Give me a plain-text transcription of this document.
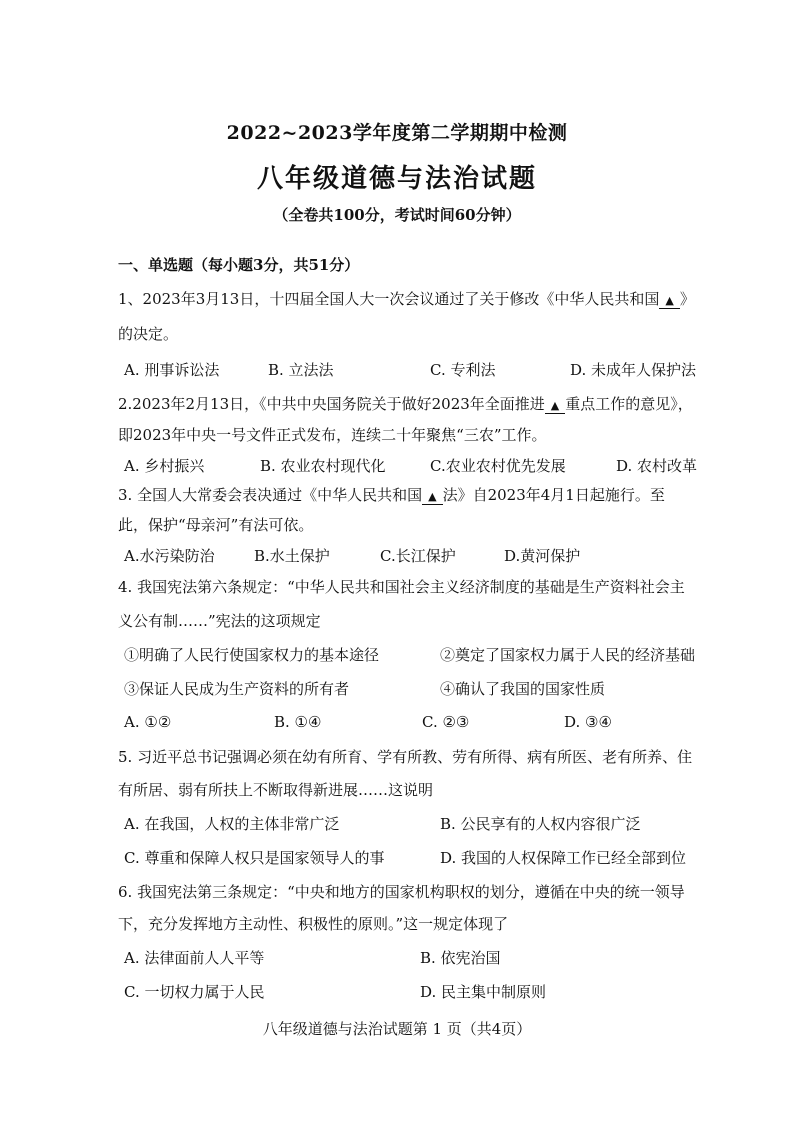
2022~2023学年度第二学期期中检测
八年级道德与法治试题
（全卷共100分，考试时间60分钟）
一、单选题（每小题3分，共51分）
1、2023年3月13日，十四届全国人大一次会议通过了关于修改《中华人民共和国 ▲ 》
的决定。
A. 刑事诉讼法	B. 立法法	C. 专利法	D. 未成年人保护法
2.2023年2月13日，《中共中央国务院关于做好2023年全面推进 ▲ 重点工作的意见》，
即2023年中央一号文件正式发布，连续二十年聚焦“三农”工作。
A. 乡村振兴	B. 农业农村现代化	C.农业农村优先发展	D. 农村改革
3. 全国人大常委会表决通过《中华人民共和国 ▲ 法》自2023年4月1日起施行。至
此，保护“母亲河”有法可依。
A.水污染防治	B.水土保护	C.长江保护	D.黄河保护
4. 我国宪法第六条规定：“中华人民共和国社会主义经济制度的基础是生产资料社会主
义公有制……”宪法的这项规定
①明确了人民行使国家权力的基本途径	②奠定了国家权力属于人民的经济基础
③保证人民成为生产资料的所有者	④确认了我国的国家性质
A. ①②	B. ①④	C. ②③	D. ③④
5. 习近平总书记强调必须在幼有所育、学有所教、劳有所得、病有所医、老有所养、住
有所居、弱有所扶上不断取得新进展……这说明
A. 在我国，人权的主体非常广泛	B. 公民享有的人权内容很广泛
C. 尊重和保障人权只是国家领导人的事	D. 我国的人权保障工作已经全部到位
6. 我国宪法第三条规定：“中央和地方的国家机构职权的划分，遵循在中央的统一领导
下，充分发挥地方主动性、积极性的原则。”这一规定体现了
A. 法律面前人人平等	B. 依宪治国
C. 一切权力属于人民	D. 民主集中制原则
八年级道德与法治试题第 1 页（共4页）
